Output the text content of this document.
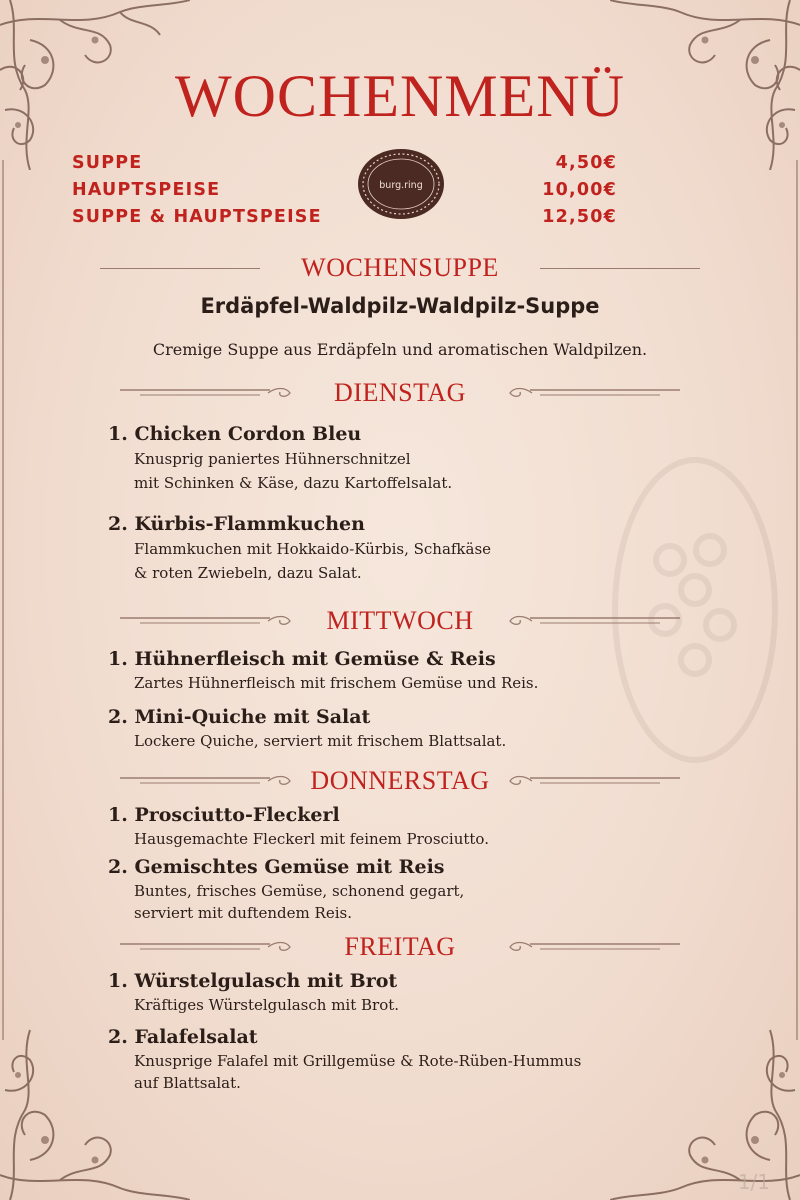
WOCHENMENÜ
SUPPE	4,50€
HAUPTSPEISE	10,00€
SUPPE & HAUPTSPEISE	12,50€
burg.ring
WOCHENSUPPE
Erdäpfel-Waldpilz-Waldpilz-Suppe
Cremige Suppe aus Erdäpfeln und aromatischen Waldpilzen.
DIENSTAG
1. Chicken Cordon Bleu
Knusprig paniertes Hühnerschnitzel
mit Schinken & Käse, dazu Kartoffelsalat.
2. Kürbis-Flammkuchen
Flammkuchen mit Hokkaido-Kürbis, Schafkäse
& roten Zwiebeln, dazu Salat.
MITTWOCH
1. Hühnerfleisch mit Gemüse & Reis
Zartes Hühnerfleisch mit frischem Gemüse und Reis.
2. Mini-Quiche mit Salat
Lockere Quiche, serviert mit frischem Blattsalat.
DONNERSTAG
1. Prosciutto-Fleckerl
Hausgemachte Fleckerl mit feinem Prosciutto.
2. Gemischtes Gemüse mit Reis
Buntes, frisches Gemüse, schonend gegart,
serviert mit duftendem Reis.
FREITAG
1. Würstelgulasch mit Brot
Kräftiges Würstelgulasch mit Brot.
2. Falafelsalat
Knusprige Falafel mit Grillgemüse & Rote-Rüben-Hummus
auf Blattsalat.
1/1
